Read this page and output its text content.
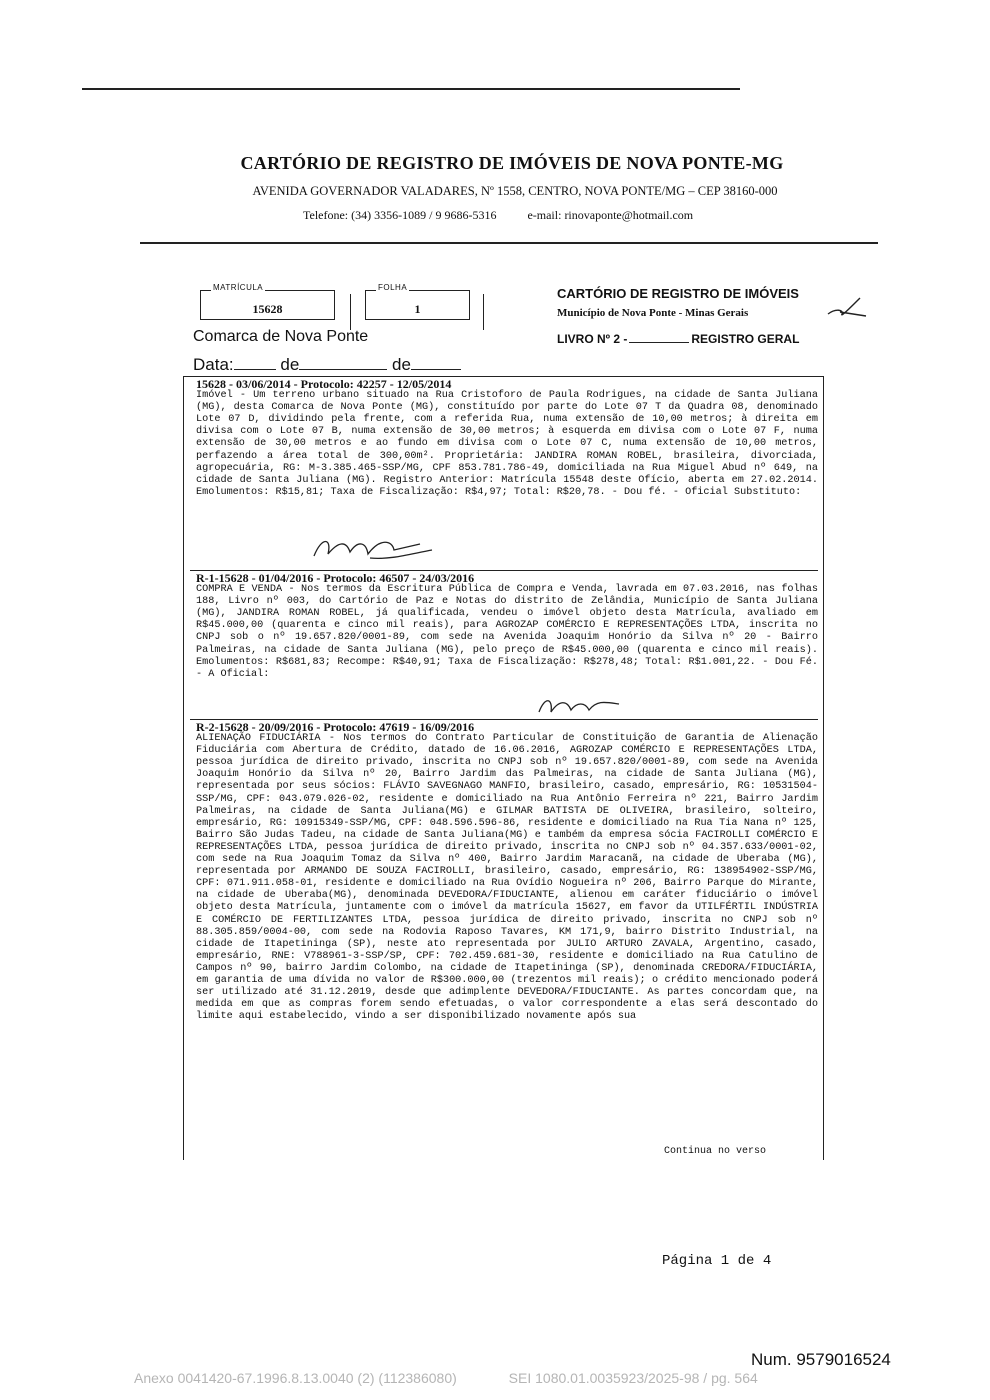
CARTÓRIO DE REGISTRO DE IMÓVEIS DE NOVA PONTE-MG
AVENIDA GOVERNADOR VALADARES, Nº 1558, CENTRO, NOVA PONTE/MG – CEP 38160-000
Telefone: (34) 3356-1089 / 9 9686-5316	e-mail: rinovaponte@hotmail.com
MATRÍCULA
15628
FOLHA
1
CARTÓRIO DE REGISTRO DE IMÓVEIS
Município de Nova Ponte - Minas Gerais
LIVRO Nº 2 -	REGISTRO GERAL
Comarca de Nova Ponte
Data:	de	de
15628 - 03/06/2014 - Protocolo: 42257 - 12/05/2014
Imóvel - Um terreno urbano situado na Rua Cristoforo de Paula Rodrigues, na cidade de Santa Juliana (MG), desta Comarca de Nova Ponte (MG), constituído por parte do Lote 07 T da Quadra 08, denominado Lote 07 D, dividindo pela frente, com a referida Rua, numa extensão de 10,00 metros; à direita em divisa com o Lote 07 B, numa extensão de 30,00 metros; à esquerda em divisa com o Lote 07 F, numa extensão de 30,00 metros e ao fundo em divisa com o Lote 07 C, numa extensão de 10,00 metros, perfazendo a área total de 300,00m². Proprietária: JANDIRA ROMAN ROBEL, brasileira, divorciada, agropecuária, RG: M-3.385.465-SSP/MG, CPF 853.781.786-49, domiciliada na Rua Miguel Abud nº 649, na cidade de Santa Juliana (MG). Registro Anterior: Matrícula 15548 deste Ofício, aberta em 27.02.2014. Emolumentos: R$15,81; Taxa de Fiscalização: R$4,97; Total: R$20,78. - Dou fé. - Oficial Substituto:
R-1-15628 - 01/04/2016 - Protocolo: 46507 - 24/03/2016
COMPRA E VENDA - Nos termos da Escritura Pública de Compra e Venda, lavrada em 07.03.2016, nas folhas 188, Livro nº 003, do Cartório de Paz e Notas do distrito de Zelândia, Município de Santa Juliana (MG), JANDIRA ROMAN ROBEL, já qualificada, vendeu o imóvel objeto desta Matrícula, avaliado em R$45.000,00 (quarenta e cinco mil reais), para AGROZAP COMÉRCIO E REPRESENTAÇÕES LTDA, inscrita no CNPJ sob o nº 19.657.820/0001-89, com sede na Avenida Joaquim Honório da Silva nº 20 - Bairro Palmeiras, na cidade de Santa Juliana (MG), pelo preço de R$45.000,00 (quarenta e cinco mil reais). Emolumentos: R$681,83; Recompe: R$40,91; Taxa de Fiscalização: R$278,48; Total: R$1.001,22. - Dou Fé. - A Oficial:
R-2-15628 - 20/09/2016 - Protocolo: 47619 - 16/09/2016
ALIENAÇÃO FIDUCIÁRIA - Nos termos do Contrato Particular de Constituição de Garantia de Alienação Fiduciária com Abertura de Crédito, datado de 16.06.2016, AGROZAP COMÉRCIO E REPRESENTAÇÕES LTDA, pessoa jurídica de direito privado, inscrita no CNPJ sob nº 19.657.820/0001-89, com sede na Avenida Joaquim Honório da Silva nº 20, Bairro Jardim das Palmeiras, na cidade de Santa Juliana (MG), representada por seus sócios: FLÁVIO SAVEGNAGO MANFIO, brasileiro, casado, empresário, RG: 10531504-SSP/MG, CPF: 043.079.026-02, residente e domiciliado na Rua Antônio Ferreira nº 221, Bairro Jardim Palmeiras, na cidade de Santa Juliana(MG) e GILMAR BATISTA DE OLIVEIRA, brasileiro, solteiro, empresário, RG: 10915349-SSP/MG, CPF: 048.596.596-86, residente e domiciliado na Rua Tia Nana nº 125, Bairro São Judas Tadeu, na cidade de Santa Juliana(MG) e também da empresa sócia FACIROLLI COMÉRCIO E REPRESENTAÇÕES LTDA, pessoa jurídica de direito privado, inscrita no CNPJ sob nº 04.357.633/0001-02, com sede na Rua Joaquim Tomaz da Silva nº 400, Bairro Jardim Maracanã, na cidade de Uberaba (MG), representada por ARMANDO DE SOUZA FACIROLLI, brasileiro, casado, empresário, RG: 138954902-SSP/MG, CPF: 071.911.058-01, residente e domiciliado na Rua Ovídio Nogueira nº 206, Bairro Parque do Mirante, na cidade de Uberaba(MG), denominada DEVEDORA/FIDUCIANTE, alienou em caráter fiduciário o imóvel objeto desta Matrícula, juntamente com o imóvel da matrícula 15627, em favor da UTILFÉRTIL INDÚSTRIA E COMÉRCIO DE FERTILIZANTES LTDA, pessoa jurídica de direito privado, inscrita no CNPJ sob nº 88.305.859/0004-00, com sede na Rodovia Raposo Tavares, KM 171,9, bairro Distrito Industrial, na cidade de Itapetininga (SP), neste ato representada por JULIO ARTURO ZAVALA, Argentino, casado, empresário, RNE: V788961-3-SSP/SP, CPF: 702.459.681-30, residente e domiciliado na Rua Catulino de Campos nº 90, bairro Jardim Colombo, na cidade de Itapetininga (SP), denominada CREDORA/FIDUCIÁRIA, em garantia de uma dívida no valor de R$300.000,00 (trezentos mil reais); o crédito mencionado poderá ser utilizado até 31.12.2019, desde que adimplente DEVEDORA/FIDUCIANTE. As partes concordam que, na medida em que as compras forem sendo efetuadas, o valor correspondente a elas será descontado do limite aqui estabelecido, vindo a ser disponibilizado novamente após sua
Continua no verso
Página 1 de 4
Num. 9579016524
Anexo 0041420-67.1996.8.13.0040 (2) (112386080)	SEI 1080.01.0035923/2025-98 / pg. 564
